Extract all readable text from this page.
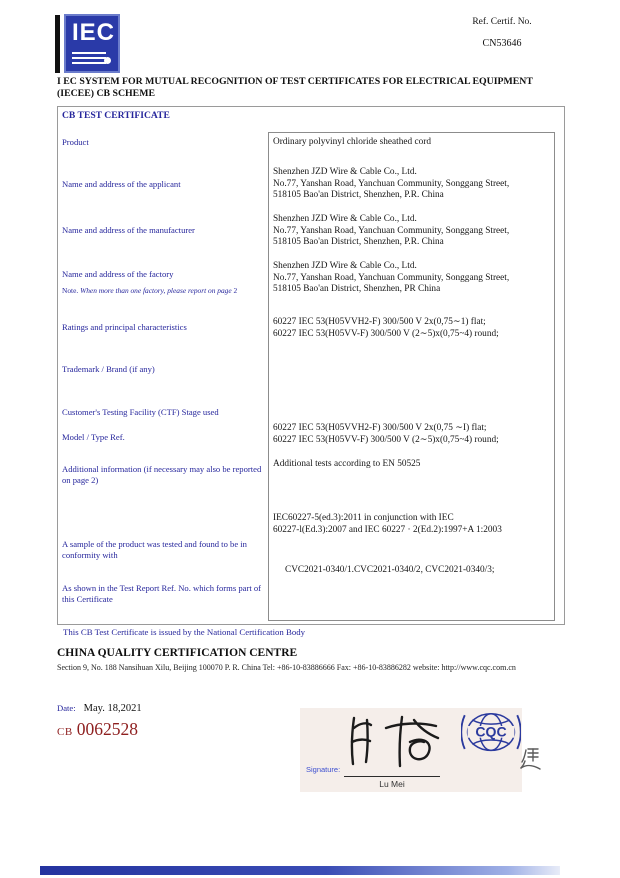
IEC	Ref. Certif. No.
CN53646
I EC SYSTEM FOR MUTUAL RECOGNITION OF TEST CERTIFICATES FOR ELECTRICAL EQUIPMENT (IECEE) CB SCHEME
CB TEST CERTIFICATE
Product
Name and address of the applicant
Name and address of the manufacturer
Name and address of the factory
Note. When more than one factory, please report on page 2
Ratings and principal characteristics
Trademark / Brand (if any)
Customer's Testing Facility (CTF) Stage used
Model / Type Ref.
Additional information (if necessary may also be reported on page 2)
A sample of the product was tested and found to be in conformity with
As shown in the Test Report Ref. No. which forms part of this Certificate
Ordinary polyvinyl chloride sheathed cord
Shenzhen JZD Wire & Cable Co., Ltd.
No.77, Yanshan Road, Yanchuan Community, Songgang Street,
518105 Bao'an District, Shenzhen, P.R. China
Shenzhen JZD Wire & Cable Co., Ltd.
No.77, Yanshan Road, Yanchuan Community, Songgang Street,
518105 Bao'an District, Shenzhen, P.R. China
Shenzhen JZD Wire & Cable Co., Ltd.
No.77, Yanshan Road, Yanchuan Community, Songgang Street,
518105 Bao'an District, Shenzhen, PR China
60227 IEC 53(H05VVH2-F) 300/500 V 2x(0,75∼1) flat;
60227 IEC 53(H05VV-F) 300/500 V (2∼5)x(0,75~4) round;
60227 IEC 53(H05VVH2-F) 300/500 V 2x(0,75 ∼I) flat;
60227 IEC 53(H05VV-F) 300/500 V (2∼5)x(0,75~4) round;
Additional tests according to EN 50525
IEC60227-5(ed.3):2011 in conjunction with IEC
60227-l(Ed.3):2007 and IEC 60227 · 2(Ed.2):1997+A 1:2003
CVC2021-0340/1.CVC2021-0340/2, CVC2021-0340/3;
This CB Test Certificate is issued by the National Certification Body
CHINA QUALITY CERTIFICATION CENTRE
Section 9, No. 188 Nansihuan Xilu, Beijing 100070 P. R. China Tel: +86-10-83886666 Fax: +86-10-83886282 website: http://www.cqc.com.cn
Date: May. 18,2021
CB 0062528
Signature:
Lu Mei
CQC
